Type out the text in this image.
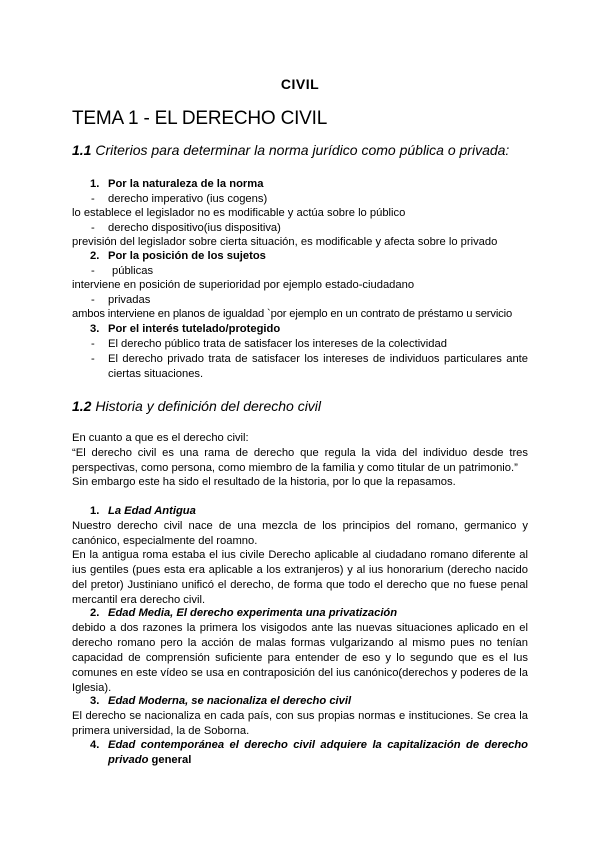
CIVIL
TEMA 1 - EL DERECHO CIVIL
1.1 Criterios para determinar la norma jurídico como pública o privada:
1. Por la naturaleza de la norma
- derecho imperativo (ius cogens)
lo establece el legislador no es modificable y actúa sobre lo público
- derecho dispositivo(ius dispositiva)
previsión del legislador sobre cierta situación, es modificable y afecta sobre lo privado
2. Por la posición de los sujetos
- públicas
interviene en posición de superioridad por ejemplo estado-ciudadano
- privadas
ambos interviene en planos de igualdad `por ejemplo en un contrato de préstamo u servicio
3. Por el interés tutelado/protegido
- El derecho público trata de satisfacer los intereses de la colectividad
- El derecho privado trata de satisfacer los intereses de individuos particulares ante ciertas situaciones.
1.2 Historia y definición del derecho civil
En cuanto a que es el derecho civil:
“El derecho civil es una rama de derecho que regula la vida del individuo desde tres perspectivas, como persona, como miembro de la familia y como titular de un patrimonio.”
Sin embargo este ha sido el resultado de la historia, por lo que la repasamos.
1. La Edad Antigua
Nuestro derecho civil nace de una mezcla de los principios del romano, germanico y canónico, especialmente del roamno.
En la antigua roma estaba el ius civile Derecho aplicable al ciudadano romano diferente al ius gentiles (pues esta era aplicable a los extranjeros) y al ius honorarium (derecho nacido del pretor) Justiniano unificó el derecho, de forma que todo el derecho que no fuese penal mercantil era derecho civil.
2. Edad Media, El derecho experimenta una privatización
debido a dos razones la primera los visigodos ante las nuevas situaciones aplicado en el derecho romano pero la acción de malas formas vulgarizando al mismo pues no tenían capacidad de comprensión suficiente para entender de eso y lo segundo que es el Ius comunes en este vídeo se usa en contraposición del ius canónico(derechos y poderes de la Iglesia).
3. Edad Moderna, se nacionaliza el derecho civil
El derecho se nacionaliza en cada país, con sus propias normas e instituciones. Se crea la primera universidad, la de Soborna.
4. Edad contemporánea el derecho civil adquiere la capitalización de derecho privado general
